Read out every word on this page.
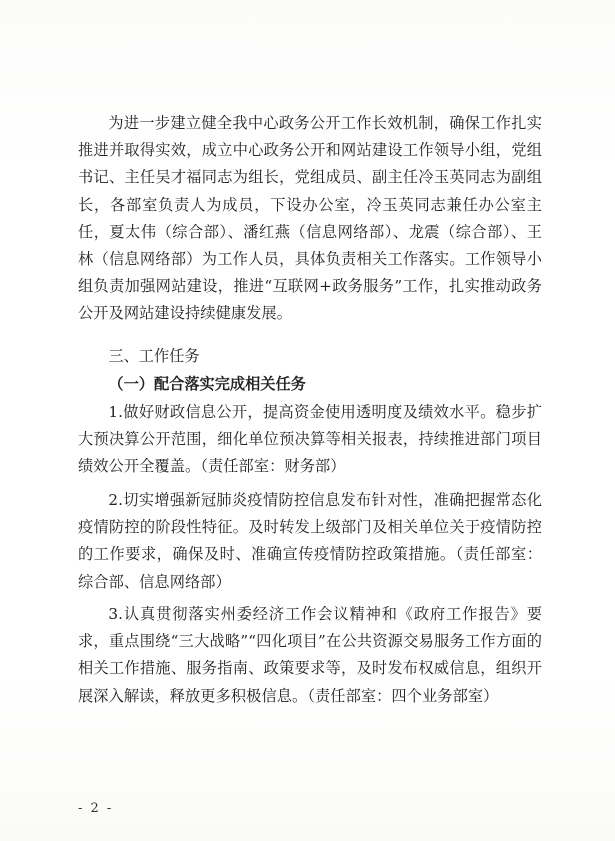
为进一步建立健全我中心政务公开工作长效机制，确保工作扎实推进并取得实效，成立中心政务公开和网站建设工作领导小组，党组书记、主任吴才福同志为组长，党组成员、副主任冷玉英同志为副组长，各部室负责人为成员，下设办公室，冷玉英同志兼任办公室主任，夏太伟（综合部）、潘红燕（信息网络部）、龙震（综合部）、王林（信息网络部）为工作人员，具体负责相关工作落实。工作领导小组负责加强网站建设，推进“互联网+政务服务”工作，扎实推动政务公开及网站建设持续健康发展。

三、工作任务
（一）配合落实完成相关任务

1.做好财政信息公开，提高资金使用透明度及绩效水平。稳步扩大预决算公开范围，细化单位预决算等相关报表，持续推进部门项目绩效公开全覆盖。（责任部室：财务部）

2.切实增强新冠肺炎疫情防控信息发布针对性，准确把握常态化疫情防控的阶段性特征。及时转发上级部门及相关单位关于疫情防控的工作要求，确保及时、准确宣传疫情防控政策措施。（责任部室：综合部、信息网络部）

3.认真贯彻落实州委经济工作会议精神和《政府工作报告》要求，重点围绕“三大战略”“四化项目”在公共资源交易服务工作方面的相关工作措施、服务指南、政策要求等，及时发布权威信息，组织开展深入解读，释放更多积极信息。（责任部室：四个业务部室）

- 2 -
